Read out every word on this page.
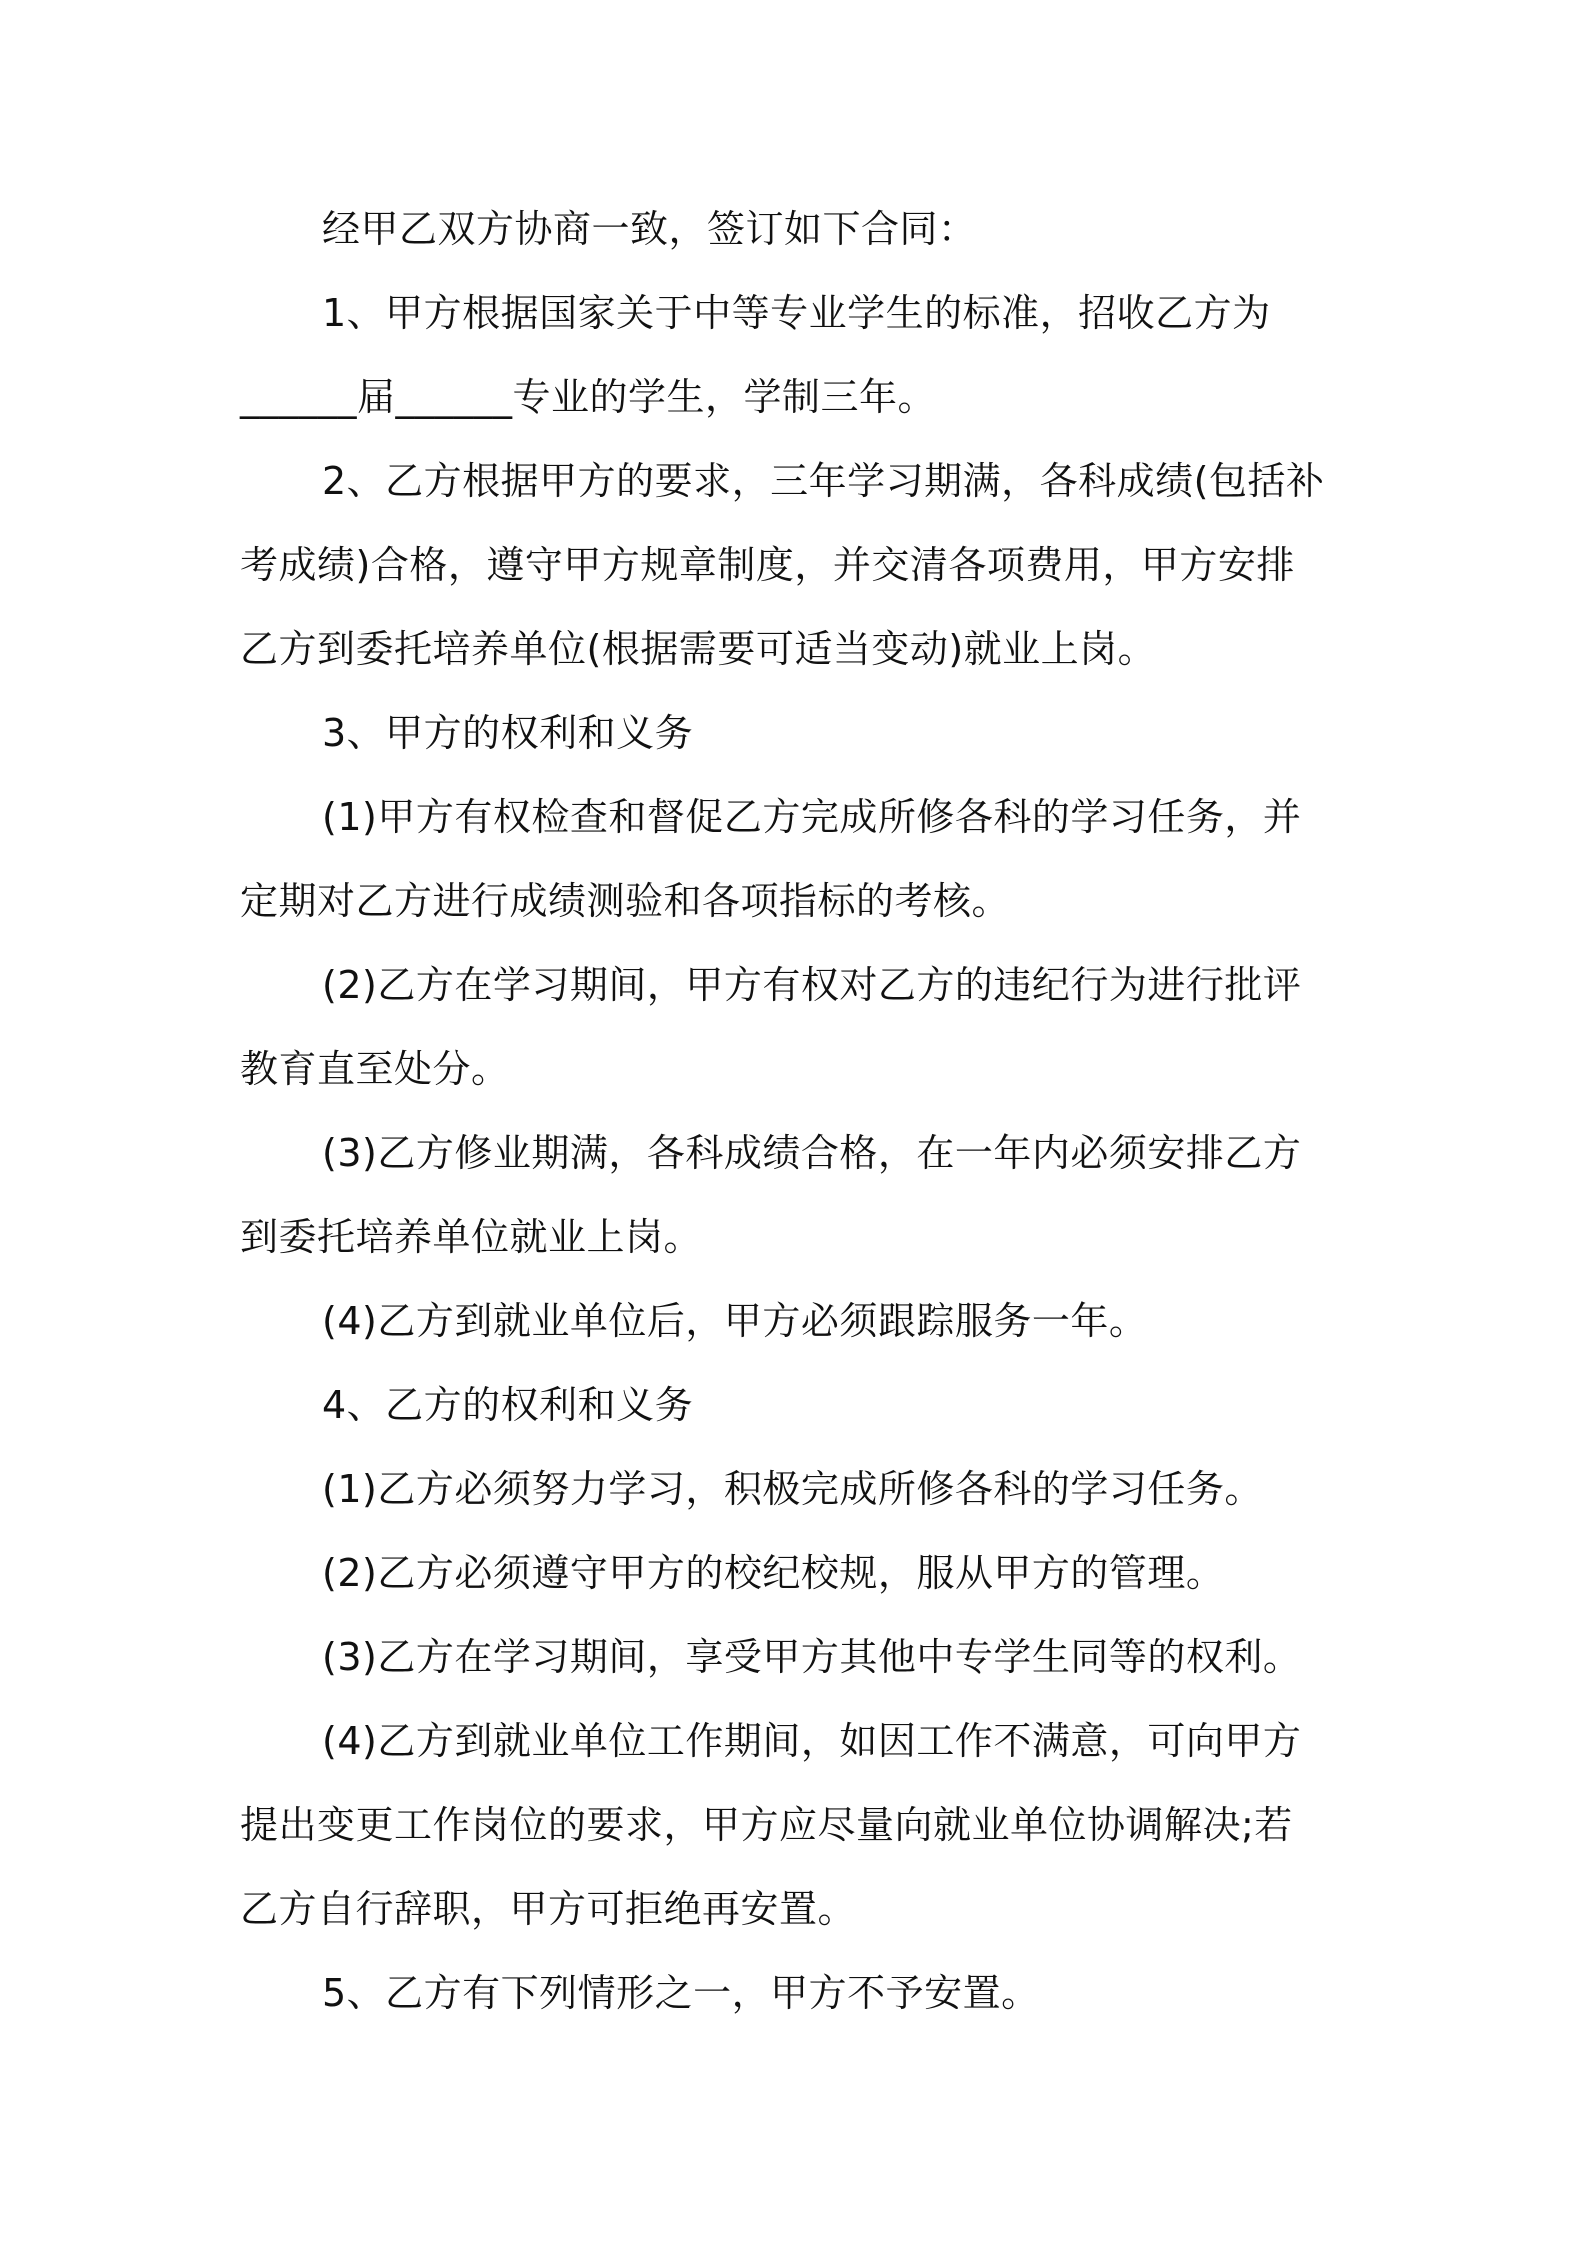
经甲乙双方协商一致，签订如下合同：
1、甲方根据国家关于中等专业学生的标准，招收乙方为
______届______专业的学生，学制三年。
2、乙方根据甲方的要求，三年学习期满，各科成绩(包括补
考成绩)合格，遵守甲方规章制度，并交清各项费用，甲方安排
乙方到委托培养单位(根据需要可适当变动)就业上岗。
3、甲方的权利和义务
(1)甲方有权检查和督促乙方完成所修各科的学习任务，并
定期对乙方进行成绩测验和各项指标的考核。
(2)乙方在学习期间，甲方有权对乙方的违纪行为进行批评
教育直至处分。
(3)乙方修业期满，各科成绩合格，在一年内必须安排乙方
到委托培养单位就业上岗。
(4)乙方到就业单位后，甲方必须跟踪服务一年。
4、乙方的权利和义务
(1)乙方必须努力学习，积极完成所修各科的学习任务。
(2)乙方必须遵守甲方的校纪校规，服从甲方的管理。
(3)乙方在学习期间，享受甲方其他中专学生同等的权利。
(4)乙方到就业单位工作期间，如因工作不满意，可向甲方
提出变更工作岗位的要求，甲方应尽量向就业单位协调解决;若
乙方自行辞职，甲方可拒绝再安置。
5、乙方有下列情形之一，甲方不予安置。
